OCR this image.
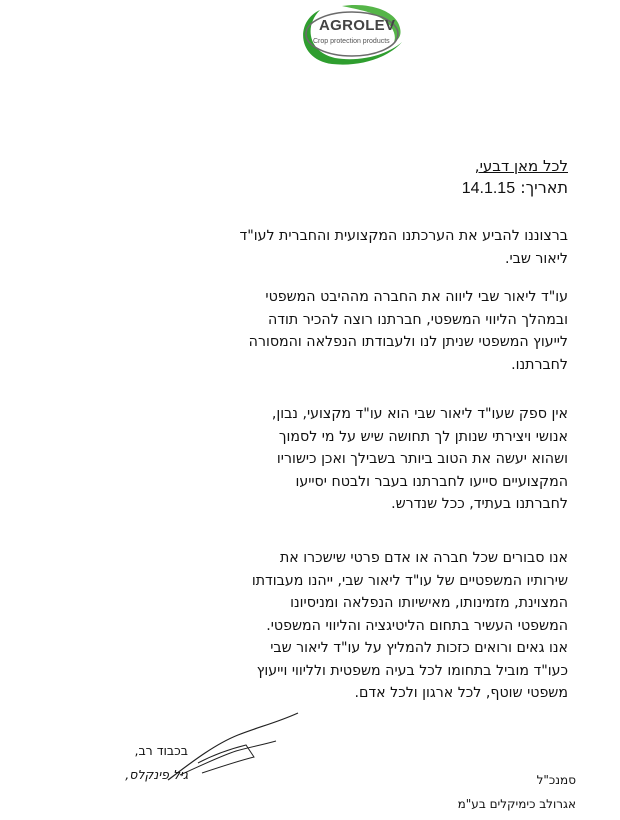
AGROLEV
Crop protection products
לכל מאן דבעי,
תאריך: 14.1.15

ברצוננו להביע את הערכתנו המקצועית והחברית לעו"ד

ליאור שבי.

עו"ד ליאור שבי ליווה את החברה מההיבט המשפטי

ובמהלך הליווי המשפטי, חברתנו רוצה להכיר תודה

לייעוץ המשפטי שניתן לנו ולעבודתו הנפלאה והמסורה

לחברתנו.

אין ספק שעו"ד ליאור שבי הוא עו"ד מקצועי, נבון,

אנושי ויצירתי שנותן לך תחושה שיש על מי לסמוך

ושהוא יעשה את הטוב ביותר בשבילך ואכן כישוריו

המקצועיים סייעו לחברתנו בעבר ולבטח יסייעו

לחברתנו בעתיד, ככל שנדרש.

אנו סבורים שכל חברה או אדם פרטי שישכרו את

שירותיו המשפטיים של עו"ד ליאור שבי, ייהנו מעבודתו

המצוינת, מזמינותו, מאישיותו הנפלאה ומניסיונו

המשפטי העשיר בתחום הליטיגציה והליווי המשפטי.

אנו גאים ורואים כזכות להמליץ על עו"ד ליאור שבי

כעו"ד מוביל בתחומו לכל בעיה משפטית ולליווי וייעוץ

משפטי שוטף, לכל ארגון ולכל אדם.

בכבוד רב,
גיל פינקלס,	סמנכ"ל
אגרולב כימיקלים בע"מ
